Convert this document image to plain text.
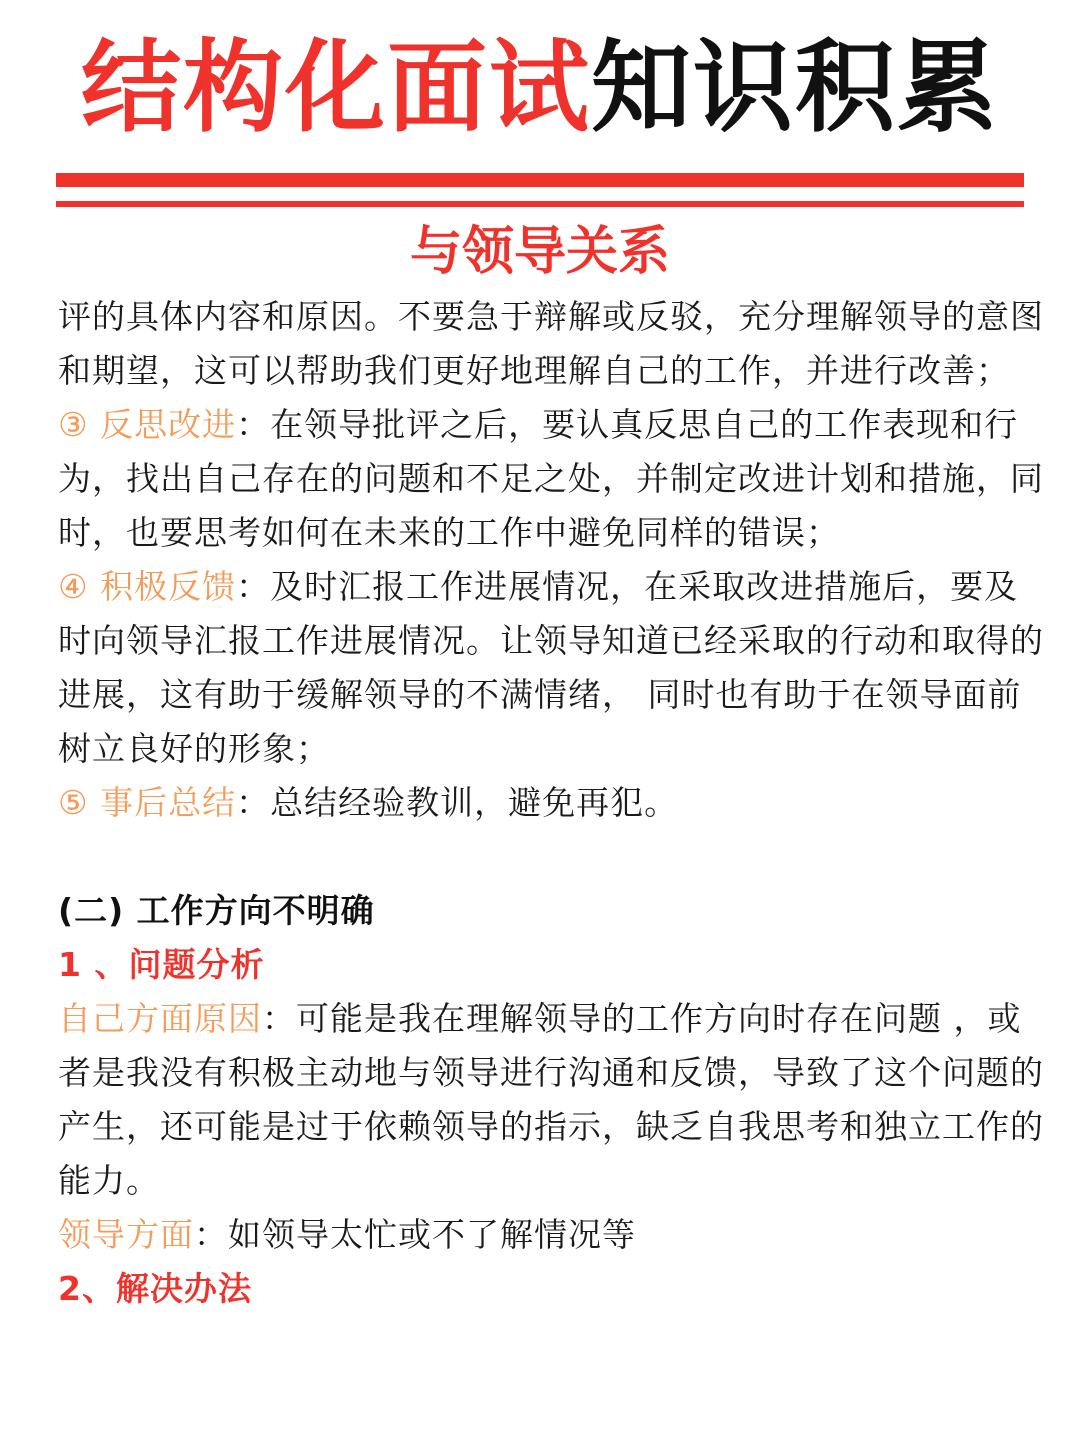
结构化面试知识积累
与领导关系

评的具体内容和原因。不要急于辩解或反驳，充分理解领导的意图和期望，这可以帮助我们更好地理解自己的工作，并进行改善；

③ 反思改进：在领导批评之后，要认真反思自己的工作表现和行为，找出自己存在的问题和不足之处，并制定改进计划和措施，同时，也要思考如何在未来的工作中避免同样的错误；

④ 积极反馈：及时汇报工作进展情况，在采取改进措施后，要及时向领导汇报工作进展情况。让领导知道已经采取的行动和取得的进展，这有助于缓解领导的不满情绪， 同时也有助于在领导面前树立良好的形象；

⑤ 事后总结：总结经验教训，避免再犯。

(二) 工作方向不明确

1 、问题分析

自己方面原因：可能是我在理解领导的工作方向时存在问题 ，或者是我没有积极主动地与领导进行沟通和反馈，导致了这个问题的产生，还可能是过于依赖领导的指示，缺乏自我思考和独立工作的能力。

领导方面：如领导太忙或不了解情况等

2、解决办法
